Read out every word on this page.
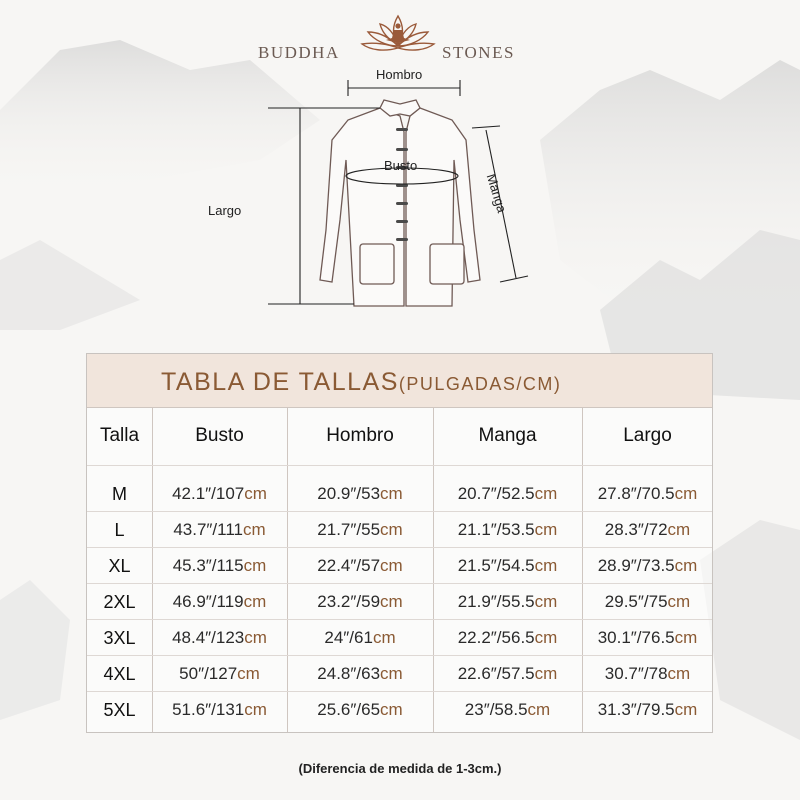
BUDDHA	STONES
Hombro
Busto
Largo	Manga
TABLA DE TALLAS(PULGADAS/CM)
Talla	Busto	Hombro	Manga	Largo
M	42.1″/107cm	20.9″/53cm	20.7″/52.5cm	27.8″/70.5cm
L	43.7″/111cm	21.7″/55cm	21.1″/53.5cm	28.3″/72cm
XL	45.3″/115cm	22.4″/57cm	21.5″/54.5cm	28.9″/73.5cm
2XL	46.9″/119cm	23.2″/59cm	21.9″/55.5cm	29.5″/75cm
3XL	48.4″/123cm	24″/61cm	22.2″/56.5cm	30.1″/76.5cm
4XL	50″/127cm	24.8″/63cm	22.6″/57.5cm	30.7″/78cm
5XL	51.6″/131cm	25.6″/65cm	23″/58.5cm	31.3″/79.5cm
(Diferencia de medida de 1-3cm.)
